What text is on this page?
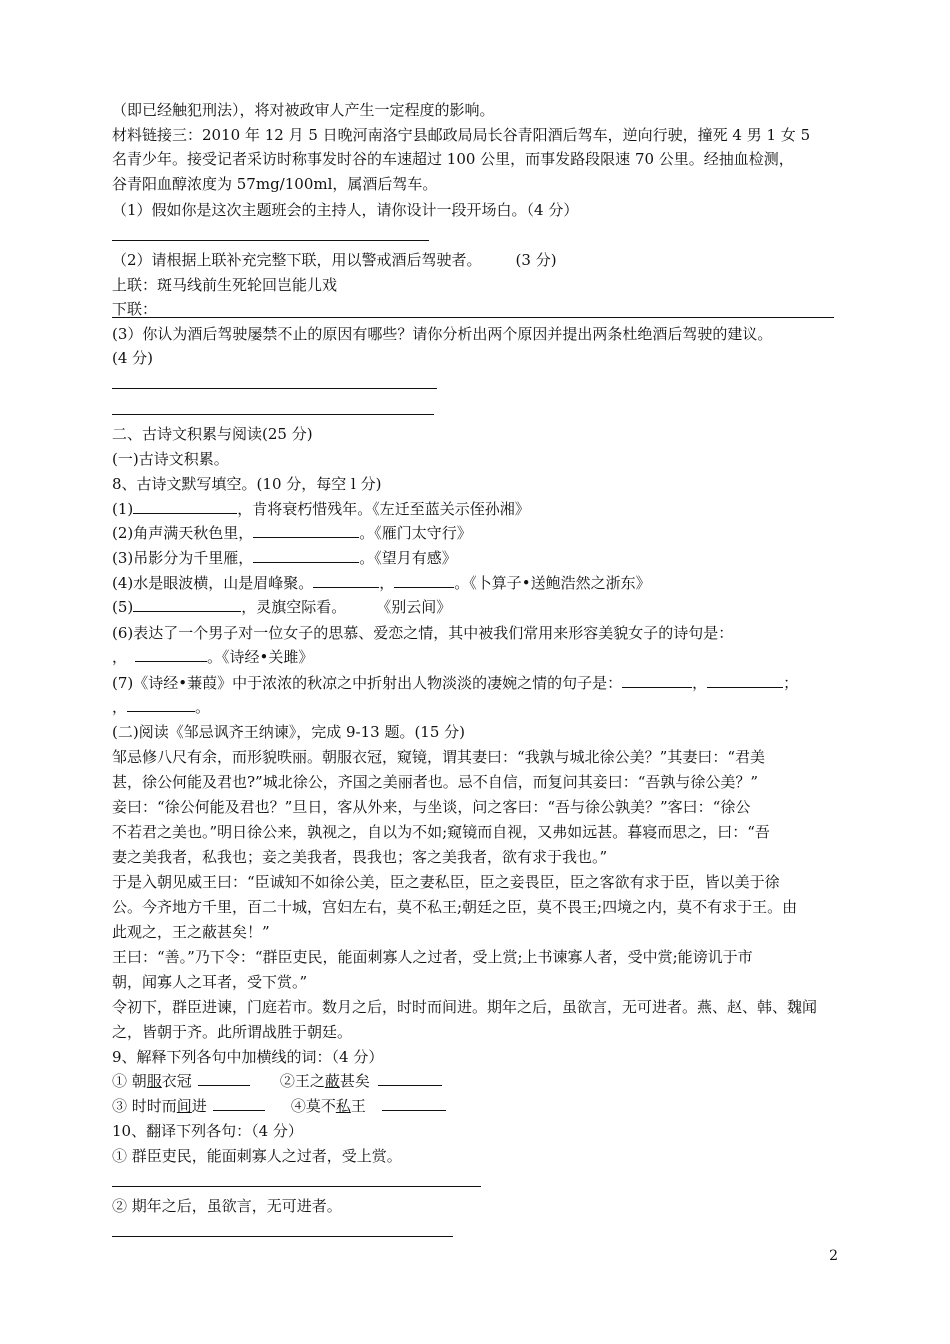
（即已经触犯刑法），将对被政审人产生一定程度的影响。
材料链接三：2010 年 12 月 5 日晚河南洛宁县邮政局局长谷青阳酒后驾车，逆向行驶，撞死 4 男 1 女 5
名青少年。接受记者采访时称事发时谷的车速超过 100 公里，而事发路段限速 70 公里。经抽血检测，
谷青阳血醇浓度为 57mg/100ml，属酒后驾车。
（1）假如你是这次主题班会的主持人，请你设计一段开场白。（4 分）
（2）请根据上联补充完整下联，用以警戒酒后驾驶者。 (3 分)
上联：斑马线前生死轮回岂能儿戏
下联：
(3）你认为酒后驾驶屡禁不止的原因有哪些？请你分析出两个原因并提出两条杜绝酒后驾驶的建议。
(4 分)
二、古诗文积累与阅读(25 分)
(一)古诗文积累。
8、古诗文默写填空。(10 分，每空 l 分)
(1)	，肯将衰朽惜残年。《左迁至蓝关示侄孙湘》
(2)角声满天秋色里，	。《雁门太守行》
(3)吊影分为千里雁，	。《望月有感》
(4)水是眼波横，山是眉峰聚。	，	。《卜算子•送鲍浩然之浙东》
(5)	，灵旗空际看。 《别云间》
(6)表达了一个男子对一位女子的思慕、爱恋之情，其中被我们常用来形容美貌女子的诗句是：
，	。《诗经•关雎》
(7)《诗经•蒹葭》中于浓浓的秋凉之中折射出人物淡淡的凄婉之情的句子是：	，	；
，	。
(二)阅读《邹忌讽齐王纳谏》，完成 9-13 题。(15 分)
邹忌修八尺有余，而形貌昳丽。朝服衣冠，窥镜，谓其妻曰：“我孰与城北徐公美？”其妻曰：“君美
甚，徐公何能及君也?”城北徐公，齐国之美丽者也。忌不自信，而复问其妾曰：“吾孰与徐公美？”
妾曰：“徐公何能及君也？”旦日，客从外来，与坐谈，问之客曰：“吾与徐公孰美？”客曰：“徐公
不若君之美也。”明日徐公来，孰视之，自以为不如;窥镜而自视，又弗如远甚。暮寝而思之，曰：“吾
妻之美我者，私我也；妾之美我者，畏我也；客之美我者，欲有求于我也。”
于是入朝见威王曰：“臣诚知不如徐公美，臣之妻私臣，臣之妾畏臣，臣之客欲有求于臣，皆以美于徐
公。今齐地方千里，百二十城，宫妇左右，莫不私王;朝廷之臣，莫不畏王;四境之内，莫不有求于王。由
此观之，王之蔽甚矣！”
王曰：“善。”乃下令：“群臣吏民，能面刺寡人之过者，受上赏;上书谏寡人者，受中赏;能谤讥于市
朝，闻寡人之耳者，受下赏。”
令初下，群臣进谏，门庭若市。数月之后，时时而间进。期年之后，虽欲言，无可进者。燕、赵、韩、魏闻
之，皆朝于齐。此所谓战胜于朝廷。
9、解释下列各句中加横线的词：（4 分）
① 朝服衣冠	②王之蔽甚矣
③ 时时而间进	④莫不私王
10、翻译下列各句：（4 分）
① 群臣吏民，能面刺寡人之过者，受上赏。
② 期年之后，虽欲言，无可进者。
2
